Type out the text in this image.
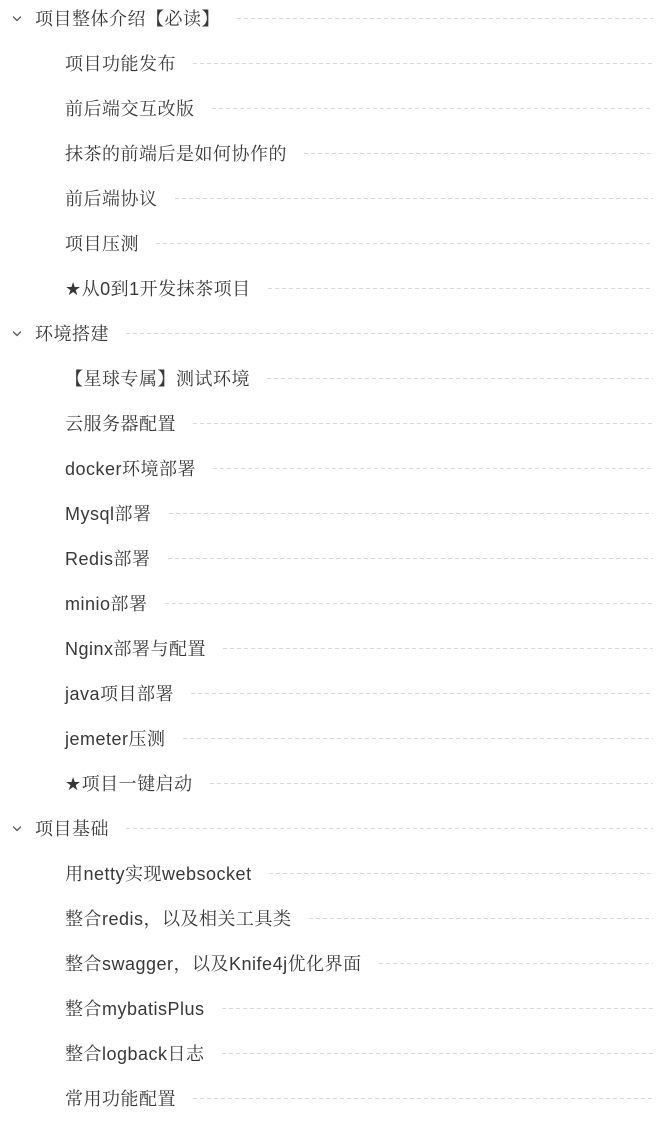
项目整体介绍【必读】
项目功能发布
前后端交互改版
抹茶的前端后是如何协作的
前后端协议
项目压测
★从0到1开发抹茶项目
环境搭建
【星球专属】测试环境
云服务器配置
docker环境部署
Mysql部署
Redis部署
minio部署
Nginx部署与配置
java项目部署
jemeter压测
★项目一键启动
项目基础
用netty实现websocket
整合redis，以及相关工具类
整合swagger，以及Knife4j优化界面
整合mybatisPlus
整合logback日志
常用功能配置
